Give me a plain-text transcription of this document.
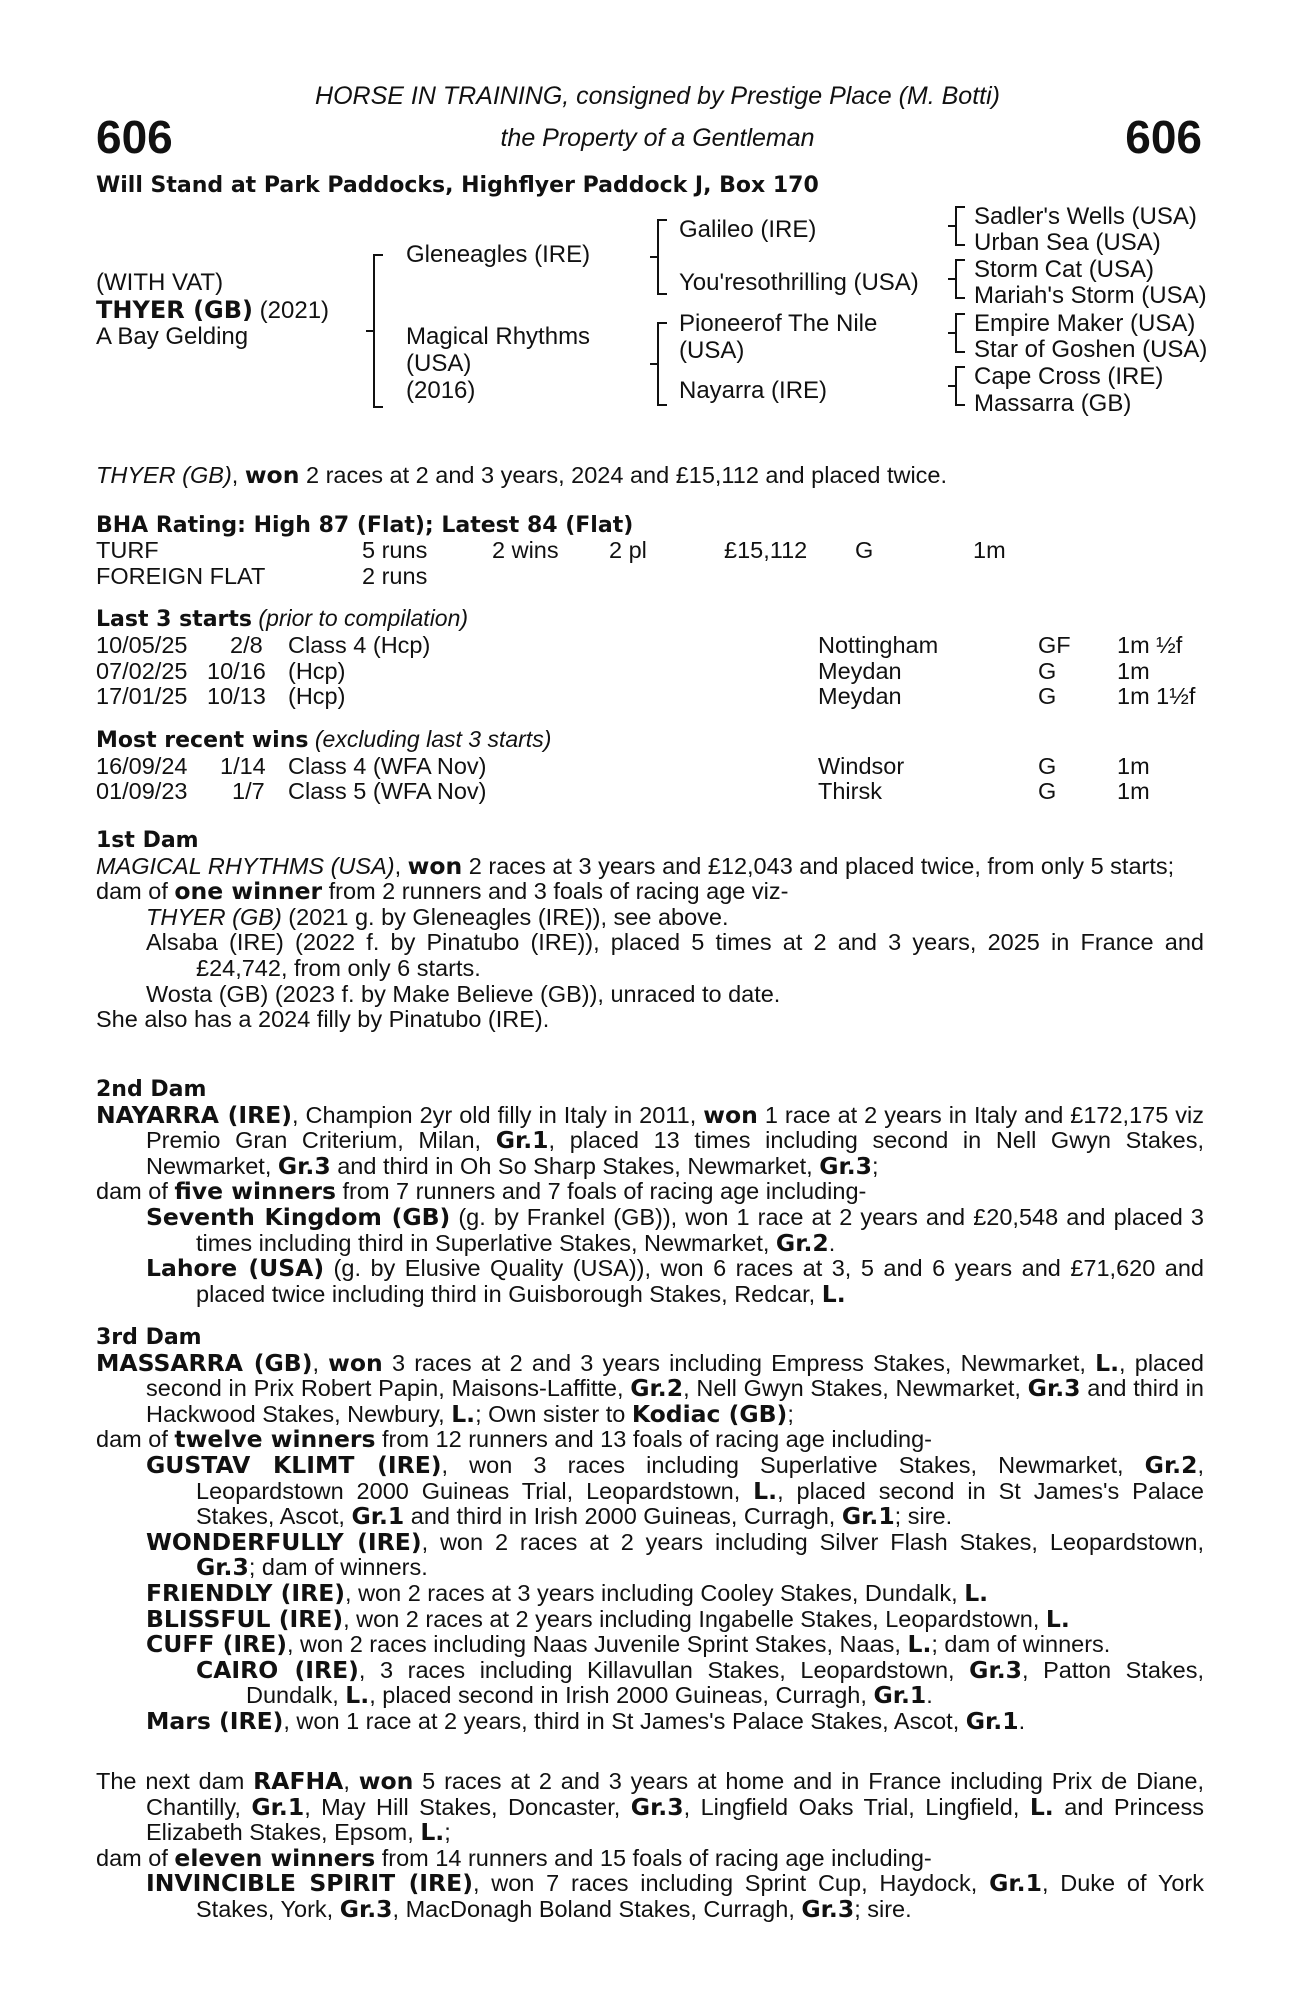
606	606
HORSE IN TRAINING, consigned by Prestige Place (M. Botti)
the Property of a Gentleman
Will Stand at Park Paddocks, Highflyer Paddock J, Box 170
(WITH VAT)
THYER (GB) (2021)
A Bay Gelding
Gleneagles (IRE)
Magical Rhythms
(USA)
(2016)
Galileo (IRE)
You'resothrilling (USA)
Pioneerof The Nile
(USA)
Nayarra (IRE)
Sadler's Wells (USA)
Urban Sea (USA)
Storm Cat (USA)
Mariah's Storm (USA)
Empire Maker (USA)
Star of Goshen (USA)
Cape Cross (IRE)
Massarra (GB)
THYER (GB), won 2 races at 2 and 3 years, 2024 and £15,112 and placed twice.
BHA Rating: High 87 (Flat); Latest 84 (Flat)
TURF	5 runs	2 wins 2 pl	£15,112 G	1m
FOREIGN FLAT	2 runs
Last 3 starts (prior to compilation)
10/05/25 2/8 Class 4 (Hcp)	Nottingham	GF 1m ½f
07/02/25 10/16 (Hcp)	Meydan	G	1m
17/01/25 10/13 (Hcp)	Meydan	G	1m 1½f
Most recent wins (excluding last 3 starts)
16/09/24 1/14 Class 4 (WFA Nov)	Windsor	G	1m
01/09/23 1/7 Class 5 (WFA Nov)	Thirsk	G	1m
1st Dam
MAGICAL RHYTHMS (USA), won 2 races at 3 years and £12,043 and placed twice, from only 5 starts;
dam of one winner from 2 runners and 3 foals of racing age viz-
THYER (GB) (2021 g. by Gleneagles (IRE)), see above.
Alsaba (IRE) (2022 f. by Pinatubo (IRE)), placed 5 times at 2 and 3 years, 2025 in France and £24,742, from only 6 starts.
Wosta (GB) (2023 f. by Make Believe (GB)), unraced to date.
She also has a 2024 filly by Pinatubo (IRE).
2nd Dam
NAYARRA (IRE), Champion 2yr old filly in Italy in 2011, won 1 race at 2 years in Italy and £172,175 viz Premio Gran Criterium, Milan, Gr.1, placed 13 times including second in Nell Gwyn Stakes, Newmarket, Gr.3 and third in Oh So Sharp Stakes, Newmarket, Gr.3;
dam of five winners from 7 runners and 7 foals of racing age including-
Seventh Kingdom (GB) (g. by Frankel (GB)), won 1 race at 2 years and £20,548 and placed 3 times including third in Superlative Stakes, Newmarket, Gr.2.
Lahore (USA) (g. by Elusive Quality (USA)), won 6 races at 3, 5 and 6 years and £71,620 and placed twice including third in Guisborough Stakes, Redcar, L.
3rd Dam
MASSARRA (GB), won 3 races at 2 and 3 years including Empress Stakes, Newmarket, L., placed second in Prix Robert Papin, Maisons-Laffitte, Gr.2, Nell Gwyn Stakes, Newmarket, Gr.3 and third in Hackwood Stakes, Newbury, L.; Own sister to Kodiac (GB);
dam of twelve winners from 12 runners and 13 foals of racing age including-
GUSTAV KLIMT (IRE), won 3 races including Superlative Stakes, Newmarket, Gr.2, Leopardstown 2000 Guineas Trial, Leopardstown, L., placed second in St James's Palace Stakes, Ascot, Gr.1 and third in Irish 2000 Guineas, Curragh, Gr.1; sire.
WONDERFULLY (IRE), won 2 races at 2 years including Silver Flash Stakes, Leopardstown, Gr.3; dam of winners.
FRIENDLY (IRE), won 2 races at 3 years including Cooley Stakes, Dundalk, L.
BLISSFUL (IRE), won 2 races at 2 years including Ingabelle Stakes, Leopardstown, L.
CUFF (IRE), won 2 races including Naas Juvenile Sprint Stakes, Naas, L.; dam of winners.
CAIRO (IRE), 3 races including Killavullan Stakes, Leopardstown, Gr.3, Patton Stakes, Dundalk, L., placed second in Irish 2000 Guineas, Curragh, Gr.1.
Mars (IRE), won 1 race at 2 years, third in St James's Palace Stakes, Ascot, Gr.1.
The next dam RAFHA, won 5 races at 2 and 3 years at home and in France including Prix de Diane, Chantilly, Gr.1, May Hill Stakes, Doncaster, Gr.3, Lingfield Oaks Trial, Lingfield, L. and Princess Elizabeth Stakes, Epsom, L.;
dam of eleven winners from 14 runners and 15 foals of racing age including-
INVINCIBLE SPIRIT (IRE), won 7 races including Sprint Cup, Haydock, Gr.1, Duke of York Stakes, York, Gr.3, MacDonagh Boland Stakes, Curragh, Gr.3; sire.
